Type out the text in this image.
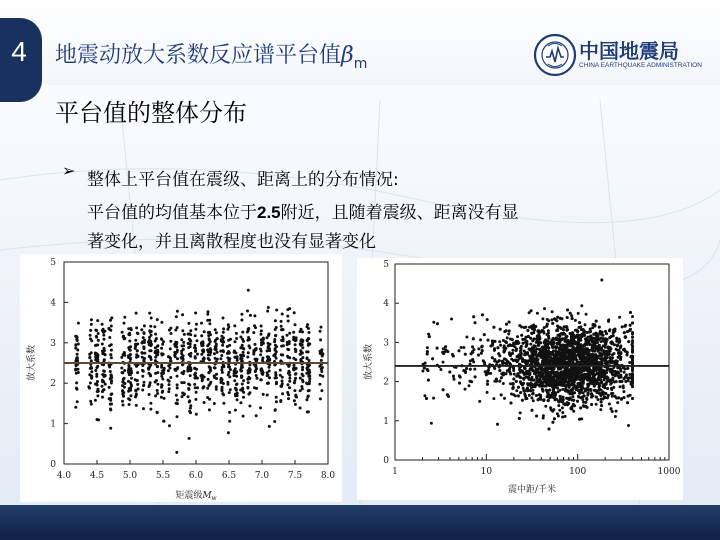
4	地震动放大系数反应谱平台值$\beta_m$
中国地震局
CHINA EARTHQUAKE ADMINISTRATION
平台值的整体分布
➢ 整体上平台值在震级、距离上的分布情况:
平台值的均值基本位于2.5附近，且随着震级、距离没有显
著变化，并且离散程度也没有显著变化
4.0 4.5 5.0 5.5 6.0 6.5 7.0 7.5 8.0
0
1
2
3
4
5
矩震级$M_w$
放大系数
1	10	100	1000
0
1
2
3
4
5
震中距/千米
放大系数
